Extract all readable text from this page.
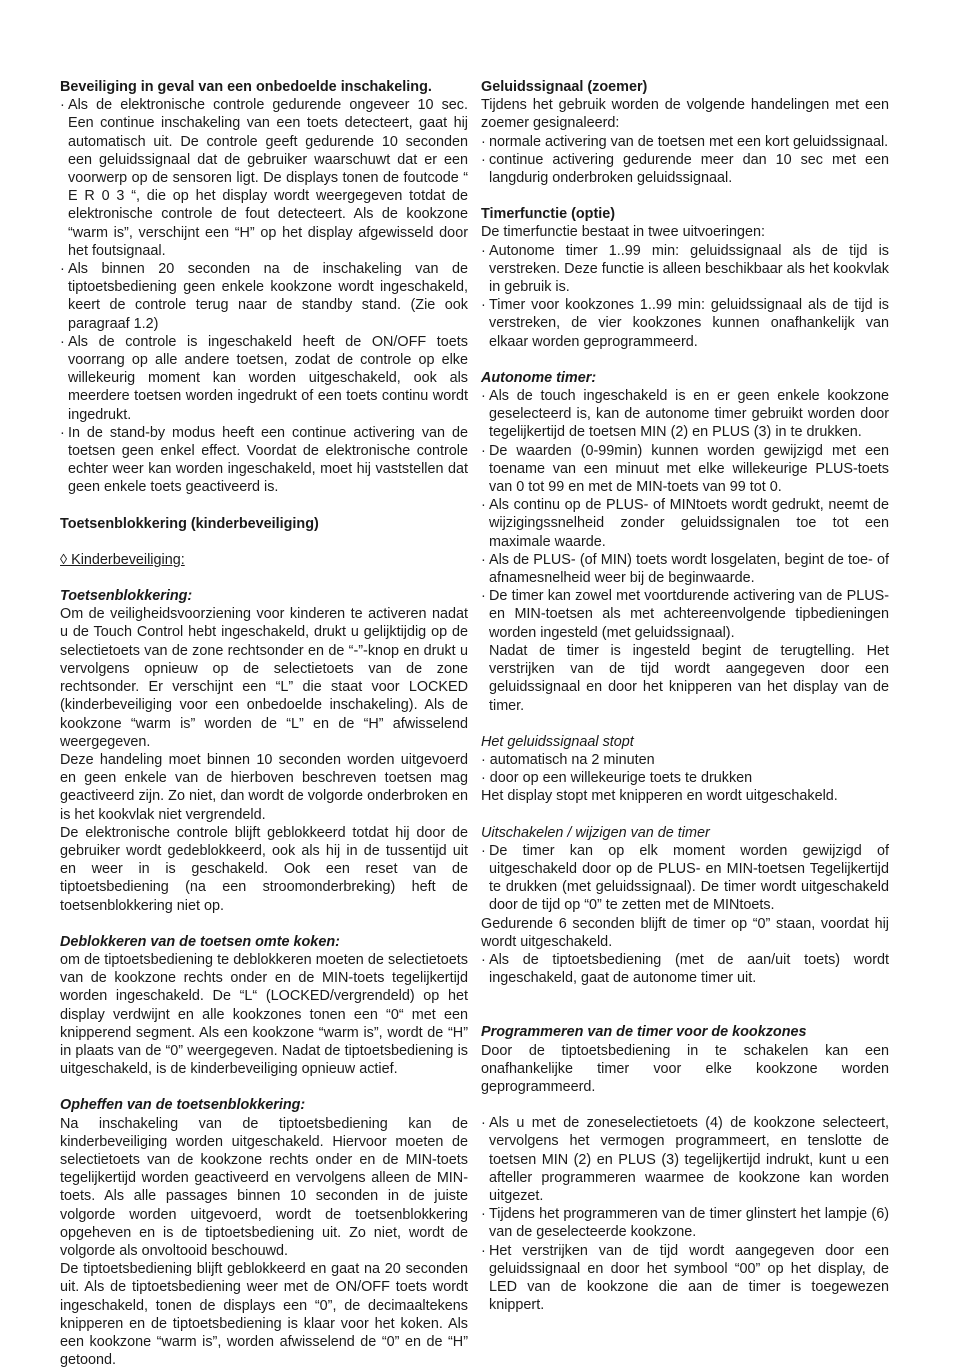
Beveiliging in geval van een onbedoelde inschakeling.

· Als de elektronische controle gedurende ongeveer 10 sec. Een continue inschakeling van een toets detecteert, gaat hij automatisch uit. De controle geeft gedurende 10 seconden een geluidssignaal dat de gebruiker waarschuwt dat er een voorwerp op de sensoren ligt. De displays tonen de foutcode “ E R 0 3 “, die op het display wordt weergegeven totdat de elektronische controle de fout detecteert. Als de kookzone “warm is”, verschijnt een “H” op het display afgewisseld door het foutsignaal.
· Als binnen 20 seconden na de inschakeling van de tiptoetsbediening geen enkele kookzone wordt ingeschakeld, keert de controle terug naar de standby stand. (Zie ook paragraaf 1.2)
· Als de controle is ingeschakeld heeft de ON/OFF toets voorrang op alle andere toetsen, zodat de controle op elke willekeurig moment kan worden uitgeschakeld, ook als meerdere toetsen worden ingedrukt of een toets continu wordt ingedrukt.
· In de stand-by modus heeft een continue activering van de toetsen geen enkel effect. Voordat de elektronische controle echter weer kan worden ingeschakeld, moet hij vaststellen dat geen enkele toets geactiveerd is.

Toetsenblokkering (kinderbeveiliging)

◊ Kinderbeveiliging:

Toetsenblokkering:

Om de veiligheidsvoorziening voor kinderen te activeren nadat u de Touch Control hebt ingeschakeld, drukt u gelijktijdig op de selectietoets van de zone rechtsonder en de “-”-knop en drukt u vervolgens opnieuw op de selectietoets van de zone rechtsonder. Er verschijnt een “L” die staat voor LOCKED (kinderbeveiliging voor een onbedoelde inschakeling). Als de kookzone “warm is” worden de “L” en de “H” afwisselend weergegeven.

Deze handeling moet binnen 10 seconden worden uitgevoerd en geen enkele van de hierboven beschreven toetsen mag geactiveerd zijn. Zo niet, dan wordt de volgorde onderbroken en is het kookvlak niet vergrendeld.

De elektronische controle blijft geblokkeerd totdat hij door de gebruiker wordt gedeblokkeerd, ook als hij in de tussentijd uit en weer in is geschakeld. Ook een reset van de tiptoetsbediening (na een stroomonderbreking) heft de toetsenblokkering niet op.

Deblokkeren van de toetsen omte koken:

om de tiptoetsbediening te deblokkeren moeten de selectietoets van de kookzone rechts onder en de MIN-toets tegelijkertijd worden ingeschakeld. De “L“ (LOCKED/vergrendeld) op het display verdwijnt en alle kookzones tonen een “0“ met een knipperend segment. Als een kookzone “warm is”, wordt de “H” in plaats van de “0” weergegeven. Nadat de tiptoetsbediening is uitgeschakeld, is de kinderbeveiliging opnieuw actief.

Opheffen van de toetsenblokkering:

Na inschakeling van de tiptoetsbediening kan de kinderbeveiliging worden uitgeschakeld. Hiervoor moeten de selectietoets van de kookzone rechts onder en de MIN-toets tegelijkertijd worden geactiveerd en vervolgens alleen de MIN-toets. Als alle passages binnen 10 seconden in de juiste volgorde worden uitgevoerd, wordt de toetsenblokkering opgeheven en is de tiptoetsbediening uit. Zo niet, wordt de volgorde als onvoltooid beschouwd.

De tiptoetsbediening blijft geblokkeerd en gaat na 20 seconden uit. Als de tiptoetsbediening weer met de ON/OFF toets wordt ingeschakeld, tonen de displays een “0”, de decimaaltekens knipperen en de tiptoetsbediening is klaar voor het koken. Als een kookzone “warm is”, worden afwisselend de “0” en de “H” getoond.

Geluidssignaal (zoemer)

Tijdens het gebruik worden de volgende handelingen met een zoemer gesignaleerd:

· normale activering van de toetsen met een kort geluidssignaal.
· continue activering gedurende meer dan 10 sec met een langdurig onderbroken geluidssignaal.

Timerfunctie (optie)

De timerfunctie bestaat in twee uitvoeringen:

· Autonome timer 1..99 min: geluidssignaal als de tijd is verstreken. Deze functie is alleen beschikbaar als het kookvlak in gebruik is.
· Timer voor kookzones 1..99 min: geluidssignaal als de tijd is verstreken, de vier kookzones kunnen onafhankelijk van elkaar worden geprogrammeerd.

Autonome timer:

· Als de touch ingeschakeld is en er geen enkele kookzone geselecteerd is, kan de autonome timer gebruikt worden door tegelijkertijd de toetsen MIN (2) en PLUS (3) in te drukken.
· De waarden (0-99min) kunnen worden gewijzigd met een toename van een minuut met elke willekeurige PLUS-toets van 0 tot 99 en met de MIN-toets van 99 tot 0.
· Als continu op de PLUS- of MINtoets wordt gedrukt, neemt de wijzigingssnelheid zonder geluidssignalen toe tot een maximale waarde.
· Als de PLUS- (of MIN) toets wordt losgelaten, begint de toe- of afnamesnelheid weer bij de beginwaarde.
· De timer kan zowel met voortdurende activering van de PLUS- en MIN-toetsen als met achtereenvolgende tipbedieningen worden ingesteld (met geluidssignaal).
Nadat de timer is ingesteld begint de terugtelling. Het verstrijken van de tijd wordt aangegeven door een geluidssignaal en door het knipperen van het display van de timer.

Het geluidssignaal stopt

· automatisch na 2 minuten

· door op een willekeurige toets te drukken

Het display stopt met knipperen en wordt uitgeschakeld.

Uitschakelen / wijzigen van de timer

· De timer kan op elk moment worden gewijzigd of uitgeschakeld door op de PLUS- en MIN-toetsen Tegelijkertijd te drukken (met geluidssignaal). De timer wordt uitgeschakeld door de tijd op “0” te zetten met de MINtoets.

Gedurende 6 seconden blijft de timer op “0” staan, voordat hij wordt uitgeschakeld.

· Als de tiptoetsbediening (met de aan/uit toets) wordt ingeschakeld, gaat de autonome timer uit.

Programmeren van de timer voor de kookzones

Door de tiptoetsbediening in te schakelen kan een onafhankelijke timer voor elke kookzone worden geprogrammeerd.

· Als u met de zoneselectietoets (4) de kookzone selecteert, vervolgens het vermogen programmeert, en tenslotte de toetsen MIN (2) en PLUS (3) tegelijkertijd indrukt, kunt u een afteller programmeren waarmee de kookzone kan worden uitgezet.
· Tijdens het programmeren van de timer glinstert het lampje (6) van de geselecteerde kookzone.
· Het verstrijken van de tijd wordt aangegeven door een geluidssignaal en door het symbool “00” op het display, de LED van de kookzone die aan de timer is toegewezen knippert.
